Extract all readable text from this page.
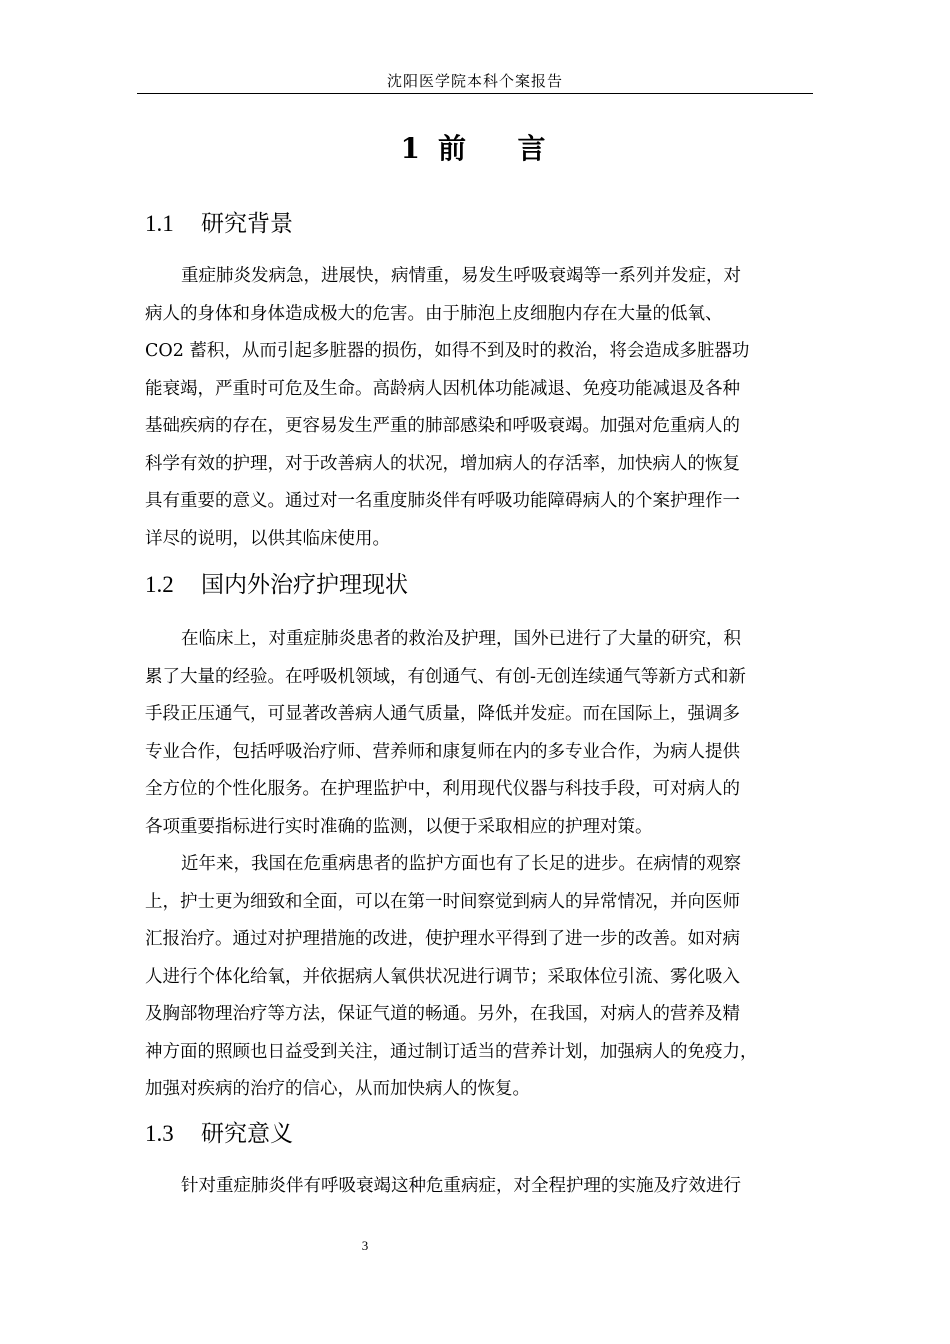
沈阳医学院本科个案报告
1 前  言
1.1 研究背景
重症肺炎发病急，进展快，病情重，易发生呼吸衰竭等一系列并发症，对
病人的身体和身体造成极大的危害。由于肺泡上皮细胞内存在大量的低氧、
CO2 蓄积，从而引起多脏器的损伤，如得不到及时的救治，将会造成多脏器功
能衰竭，严重时可危及生命。高龄病人因机体功能减退、免疫功能减退及各种
基础疾病的存在，更容易发生严重的肺部感染和呼吸衰竭。加强对危重病人的
科学有效的护理，对于改善病人的状况，增加病人的存活率，加快病人的恢复
具有重要的意义。通过对一名重度肺炎伴有呼吸功能障碍病人的个案护理作一
详尽的说明，以供其临床使用。
1.2 国内外治疗护理现状
在临床上，对重症肺炎患者的救治及护理，国外已进行了大量的研究，积
累了大量的经验。在呼吸机领域，有创通气、有创-无创连续通气等新方式和新
手段正压通气，可显著改善病人通气质量，降低并发症。而在国际上，强调多
专业合作，包括呼吸治疗师、营养师和康复师在内的多专业合作，为病人提供
全方位的个性化服务。在护理监护中，利用现代仪器与科技手段，可对病人的
各项重要指标进行实时准确的监测，以便于采取相应的护理对策。
近年来，我国在危重病患者的监护方面也有了长足的进步。在病情的观察
上，护士更为细致和全面，可以在第一时间察觉到病人的异常情况，并向医师
汇报治疗。通过对护理措施的改进，使护理水平得到了进一步的改善。如对病
人进行个体化给氧，并依据病人氧供状况进行调节；采取体位引流、雾化吸入
及胸部物理治疗等方法，保证气道的畅通。另外，在我国，对病人的营养及精
神方面的照顾也日益受到关注，通过制订适当的营养计划，加强病人的免疫力，
加强对疾病的治疗的信心，从而加快病人的恢复。
1.3 研究意义
针对重症肺炎伴有呼吸衰竭这种危重病症，对全程护理的实施及疗效进行
3
